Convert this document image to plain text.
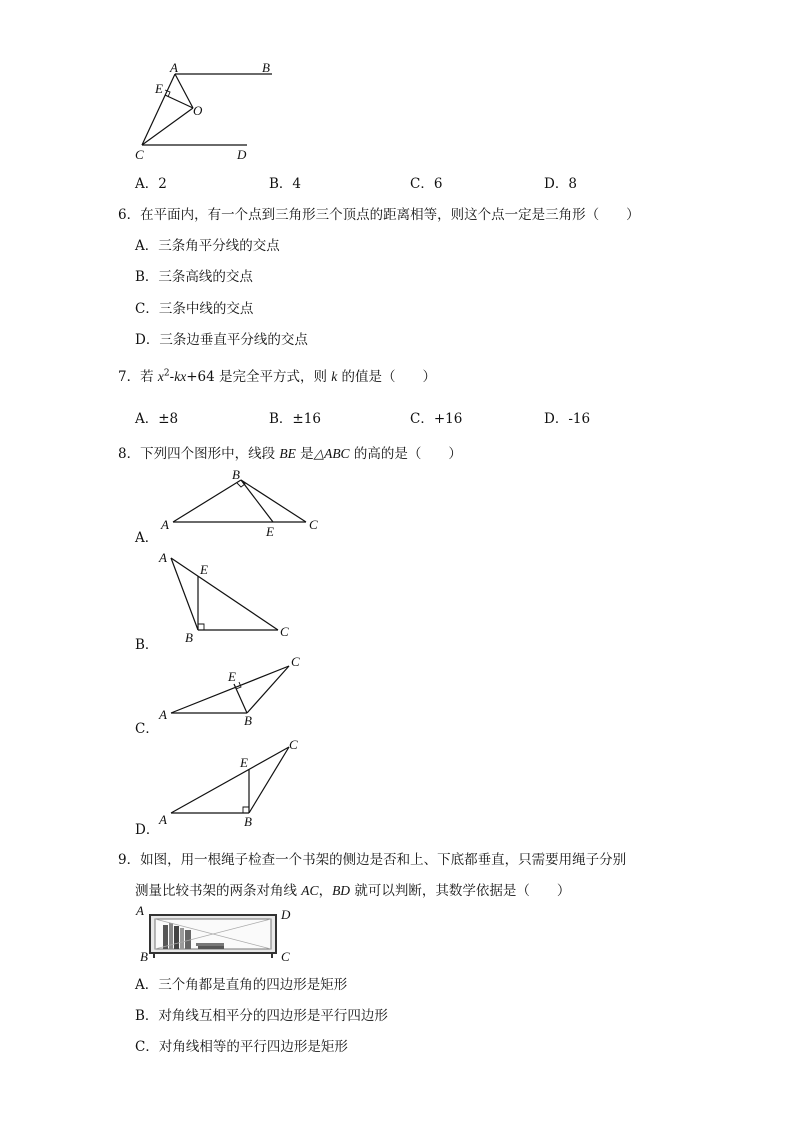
A	B
E
O
C	D
A．2	B．4	C．6	D．8
6．在平面内，有一个点到三角形三个顶点的距离相等，则这个点一定是三角形（　　）
A．三条角平分线的交点
B．三条高线的交点
C．三条中线的交点
D．三条边垂直平分线的交点
7．若 $x^2-kx+64$ 是完全平方式，则 k 的值是（　　）
A．±8	B．±16	C．+16	D．-16
8．下列四个图形中，线段 BE 是△ABC 的高的是（　　）
A．
A
B
E	C
B．
A
E
B	C
C．
A
E
B
C
D．
A
E
B
C
9．如图，用一根绳子检查一个书架的侧边是否和上、下底都垂直，只需要用绳子分别
测量比较书架的两条对角线 AC，BD 就可以判断，其数学依据是（　　）
A	D
B	C
A．三个角都是直角的四边形是矩形
B．对角线互相平分的四边形是平行四边形
C．对角线相等的平行四边形是矩形
